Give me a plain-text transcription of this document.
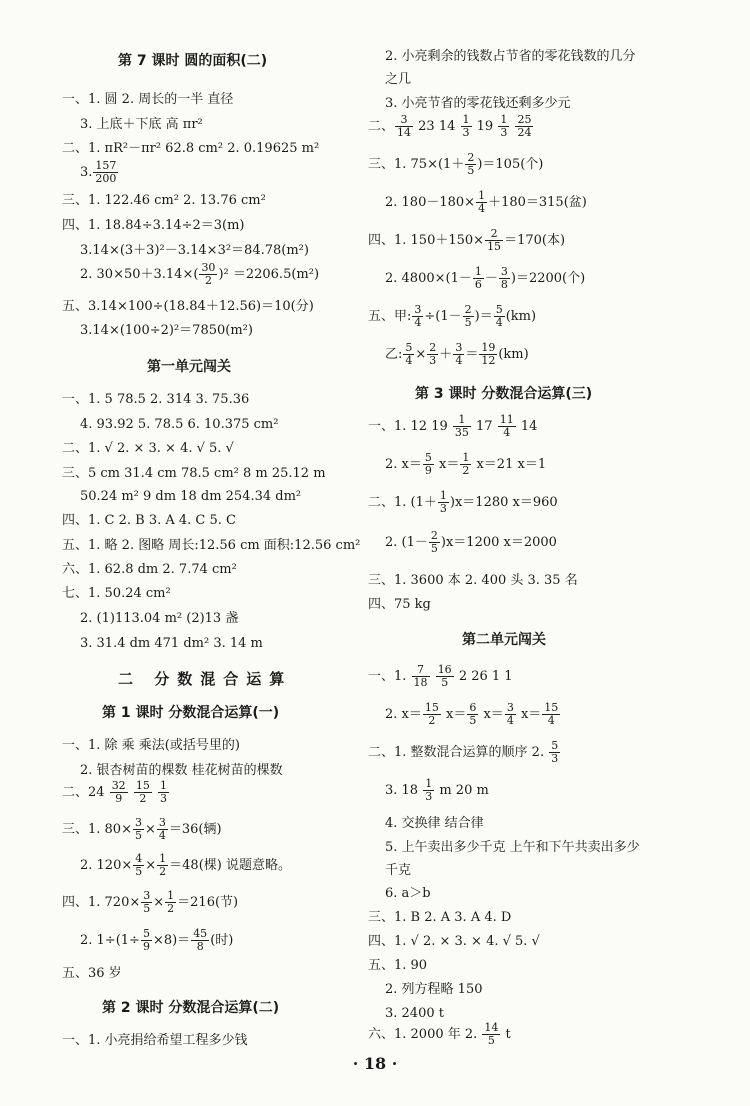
第 7 课时 圆的面积(二)
一、1. 圆 2. 周长的一半 直径
3. 上底＋下底 高 πr²
二、1. πR²－πr² 62.8 cm² 2. 0.19625 m²
3. $\frac{157}{200}$
三、1. 122.46 cm² 2. 13.76 cm²
四、1. 18.84÷3.14÷2＝3(m)
3.14×(3＋3)²－3.14×3²＝84.78(m²)
2. $30\times 50+3.14\times( \frac{30}{2} )^2 =2206.5(m^2)$
五、3.14×100÷(18.84＋12.56)＝10(分)
3.14×(100÷2)²＝7850(m²)
第一单元闯关
一、1. 5 78.5 2. 314 3. 75.36
4. 93.92 5. 78.5 6. 10.375 cm²
二、1. √ 2. × 3. × 4. √ 5. √
三、5 cm 31.4 cm 78.5 cm² 8 m 25.12 m
50.24 m² 9 dm 18 dm 254.34 dm²
四、1. C 2. B 3. A 4. C 5. C
五、1. 略 2. 图略 周长:12.56 cm 面积:12.56 cm²
六、1. 62.8 dm 2. 7.74 cm²
七、1. 50.24 cm²
2. (1)113.04 m² (2)13 盏
3. 31.4 dm 471 dm² 3. 14 m
二 分数混合运算
第 1 课时 分数混合运算(一)
一、1. 除 乘 乘法(或括号里的)
2. 银杏树苗的棵数 桂花树苗的棵数
二、$24 \frac{32}{9}$
$\frac{15}{2}$
$\frac{1}{3}$
三、1. $80\times \frac{3}{5} \times \frac{3}{4} =36$(辆)
2. $120\times \frac{4}{5} \times \frac{1}{2} =48$(棵) 说题意略。
四、1. $720\times \frac{3}{5} \times \frac{1}{2} =216$(节)
2. $1\div(1\div \frac{5}{9} \times 8)= \frac{45}{8}$ (时)
五、36 岁
第 2 课时 分数混合运算(二)
一、1. 小亮捐给希望工程多少钱
2. 小亮剩余的钱数占节省的零花钱数的几分
之几
3. 小亮节省的零花钱还剩多少元
二、 $\frac{3}{14} 23$ $14 \frac{1}{3} 19 \frac{1}{3}$
$\frac{25}{24}$
三、1. $75\times(1+ \frac{2}{5} )=105$(个)
2. $180-180\times \frac{1}{4} +180=315$(盆)
四、1. $150+150\times \frac{2}{15} =170$(本)
2. $4800\times(1- \frac{1}{6} - \frac{3}{8} )=2200$(个)
五、甲: $\frac{3}{4} \div(1- \frac{2}{5}$ )＝ $\frac{5}{4} (km)$
乙: $\frac{5}{4} \times \frac{2}{3} + \frac{3}{4} = \frac{19}{12} (km)$
第 3 课时 分数混合运算(三)
一、1. 12 $19 \frac{1}{35} 17 \frac{11}{4} 14$
2. $x= \frac{5}{9} x= \frac{1}{2} x=21$ x＝1
二、1. $(1+ \frac{1}{3} )x=1280$ x＝960
2. $(1- \frac{2}{5} )x=1200$ x＝2000
三、1. 3600 本 2. 400 头 3. 35 名
四、75 kg
第二单元闯关
一、1. $\frac{7}{18}$
$\frac{16}{5} 2$ 26 1 1
2. $x= \frac{15}{2} x= \frac{6}{5} x= \frac{3}{4} x= \frac{15}{4}$
二、1. 整数混合运算的顺序 2. $\frac{5}{3}$
3. $18 \frac{1}{3}$ m 20 m
4. 交换律 结合律
5. 上午卖出多少千克 上午和下午共卖出多少
千克
6. a＞b
三、1. B 2. A 3. A 4. D
四、1. √ 2. × 3. × 4. √ 5. √
五、1. 90
2. 列方程略 150
3. 2400 t
六、1. 2000 年 2. $\frac{14}{5}$ t
· 18 ·
